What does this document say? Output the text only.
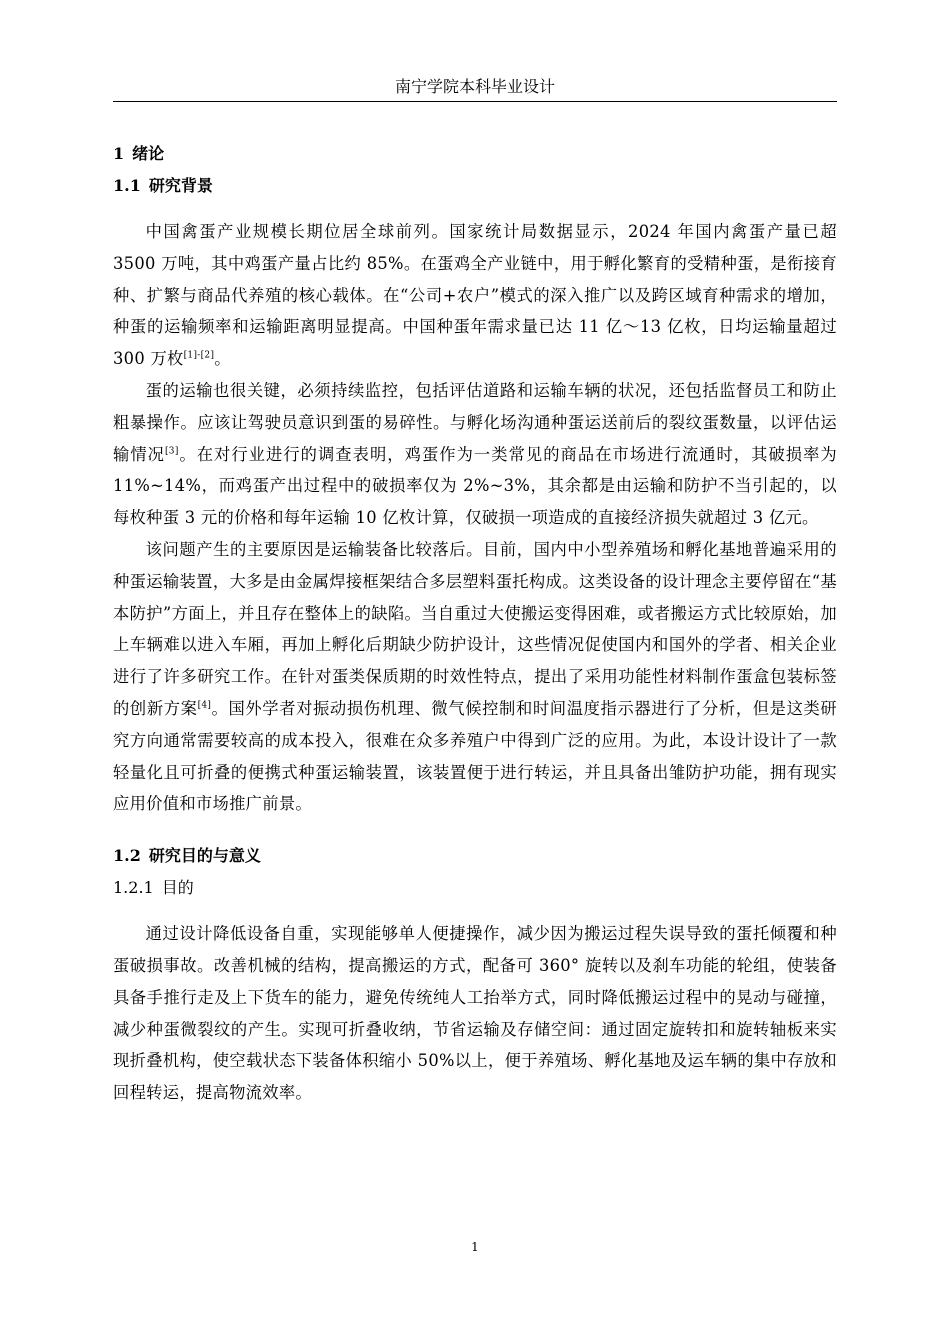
南宁学院本科毕业设计
1 绪论
1.1 研究背景

中国禽蛋产业规模长期位居全球前列。国家统计局数据显示，2024 年国内禽蛋产量已超 3500 万吨，其中鸡蛋产量占比约 85%。在蛋鸡全产业链中，用于孵化繁育的受精种蛋，是衔接育种、扩繁与商品代养殖的核心载体。在“公司+农户”模式的深入推广以及跨区域育种需求的增加，种蛋的运输频率和运输距离明显提高。中国种蛋年需求量已达 11 亿～13 亿枚，日均运输量超过 300 万枚[1]-[2]。

蛋的运输也很关键，必须持续监控，包括评估道路和运输车辆的状况，还包括监督员工和防止粗暴操作。应该让驾驶员意识到蛋的易碎性。与孵化场沟通种蛋运送前后的裂纹蛋数量，以评估运输情况[3]。在对行业进行的调查表明，鸡蛋作为一类常见的商品在市场进行流通时，其破损率为 11%~14%，而鸡蛋产出过程中的破损率仅为 2%~3%，其余都是由运输和防护不当引起的，以每枚种蛋 3 元的价格和每年运输 10 亿枚计算，仅破损一项造成的直接经济损失就超过 3 亿元。

该问题产生的主要原因是运输装备比较落后。目前，国内中小型养殖场和孵化基地普遍采用的种蛋运输装置，大多是由金属焊接框架结合多层塑料蛋托构成。这类设备的设计理念主要停留在“基本防护”方面上，并且存在整体上的缺陷。当自重过大使搬运变得困难，或者搬运方式比较原始，加上车辆难以进入车厢，再加上孵化后期缺少防护设计，这些情况促使国内和国外的学者、相关企业进行了许多研究工作。在针对蛋类保质期的时效性特点，提出了采用功能性材料制作蛋盒包装标签的创新方案[4]。国外学者对振动损伤机理、微气候控制和时间温度指示器进行了分析，但是这类研究方向通常需要较高的成本投入，很难在众多养殖户中得到广泛的应用。为此，本设计设计了一款轻量化且可折叠的便携式种蛋运输装置，该装置便于进行转运，并且具备出雏防护功能，拥有现实应用价值和市场推广前景。

1.2 研究目的与意义
1.2.1 目的

通过设计降低设备自重，实现能够单人便捷操作，减少因为搬运过程失误导致的蛋托倾覆和种蛋破损事故。改善机械的结构，提高搬运的方式，配备可 360° 旋转以及刹车功能的轮组，使装备具备手推行走及上下货车的能力，避免传统纯人工抬举方式，同时降低搬运过程中的晃动与碰撞，减少种蛋微裂纹的产生。实现可折叠收纳，节省运输及存储空间：通过固定旋转扣和旋转轴板来实现折叠机构，使空载状态下装备体积缩小 50%以上，便于养殖场、孵化基地及运车辆的集中存放和回程转运，提高物流效率。

1
